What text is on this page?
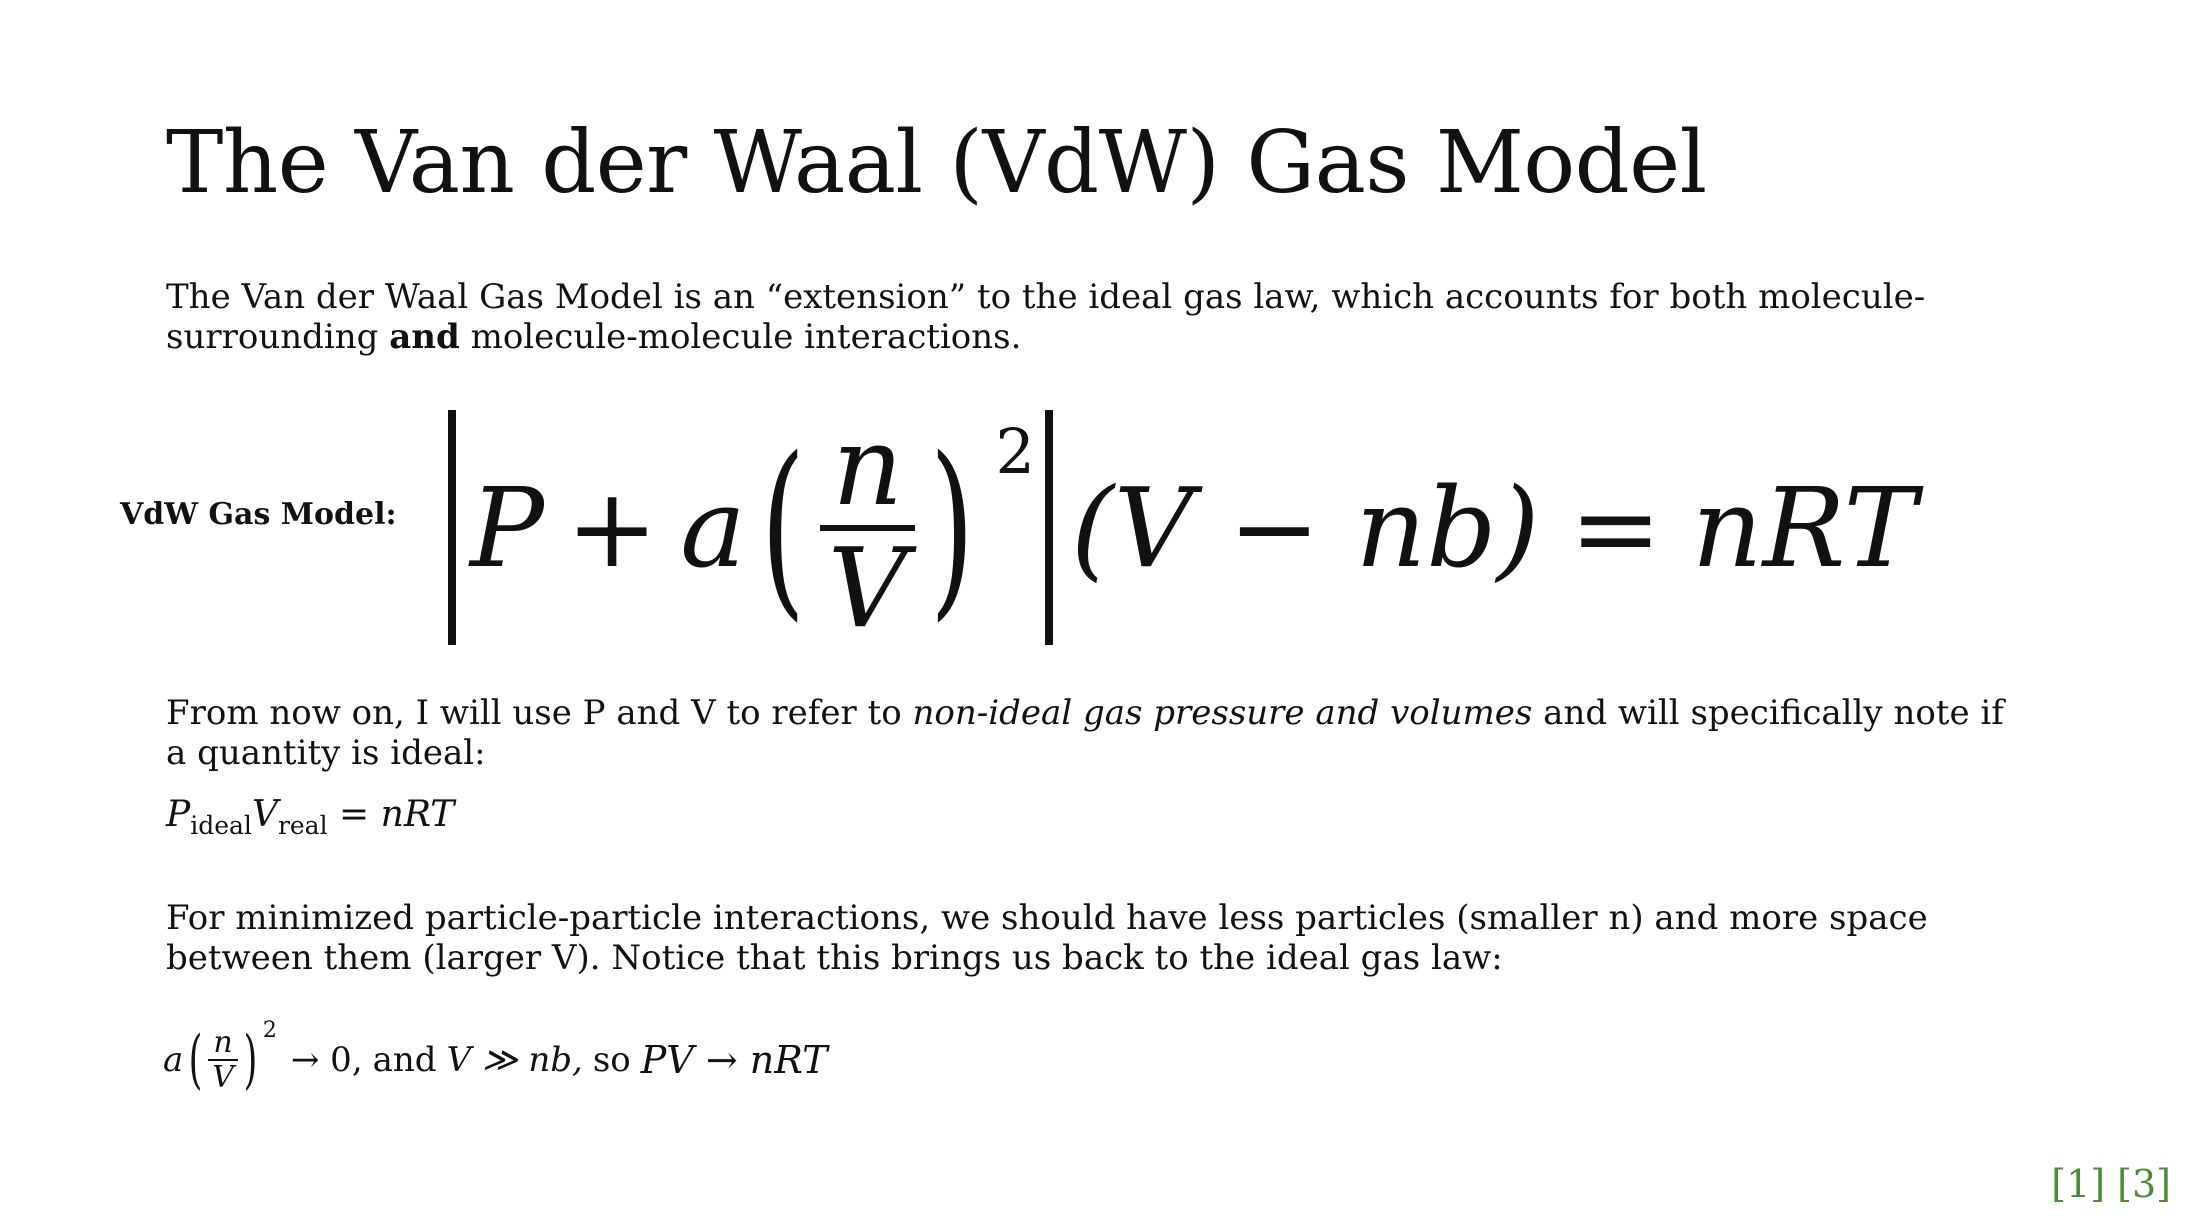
The Van der Waal (VdW) Gas Model
The Van der Waal Gas Model is an “extension” to the ideal gas law, which accounts for both molecule-surrounding and molecule-molecule interactions.
VdW Gas Model: P + a ( n
V ) 2
(V − nb) = nRT
From now on, I will use P and V to refer to non-ideal gas pressure and volumes and will specifically note if a quantity is ideal:
$P_{ideal}V_{real}$ = nRT
For minimized particle-particle interactions, we should have less particles (smaller n) and more space between them (larger V). Notice that this brings us back to the ideal gas law:
a ( $\frac{n}{V}$ ) 2
→ 0, and V ≫ nb, so PV → nRT
[1] [3]
